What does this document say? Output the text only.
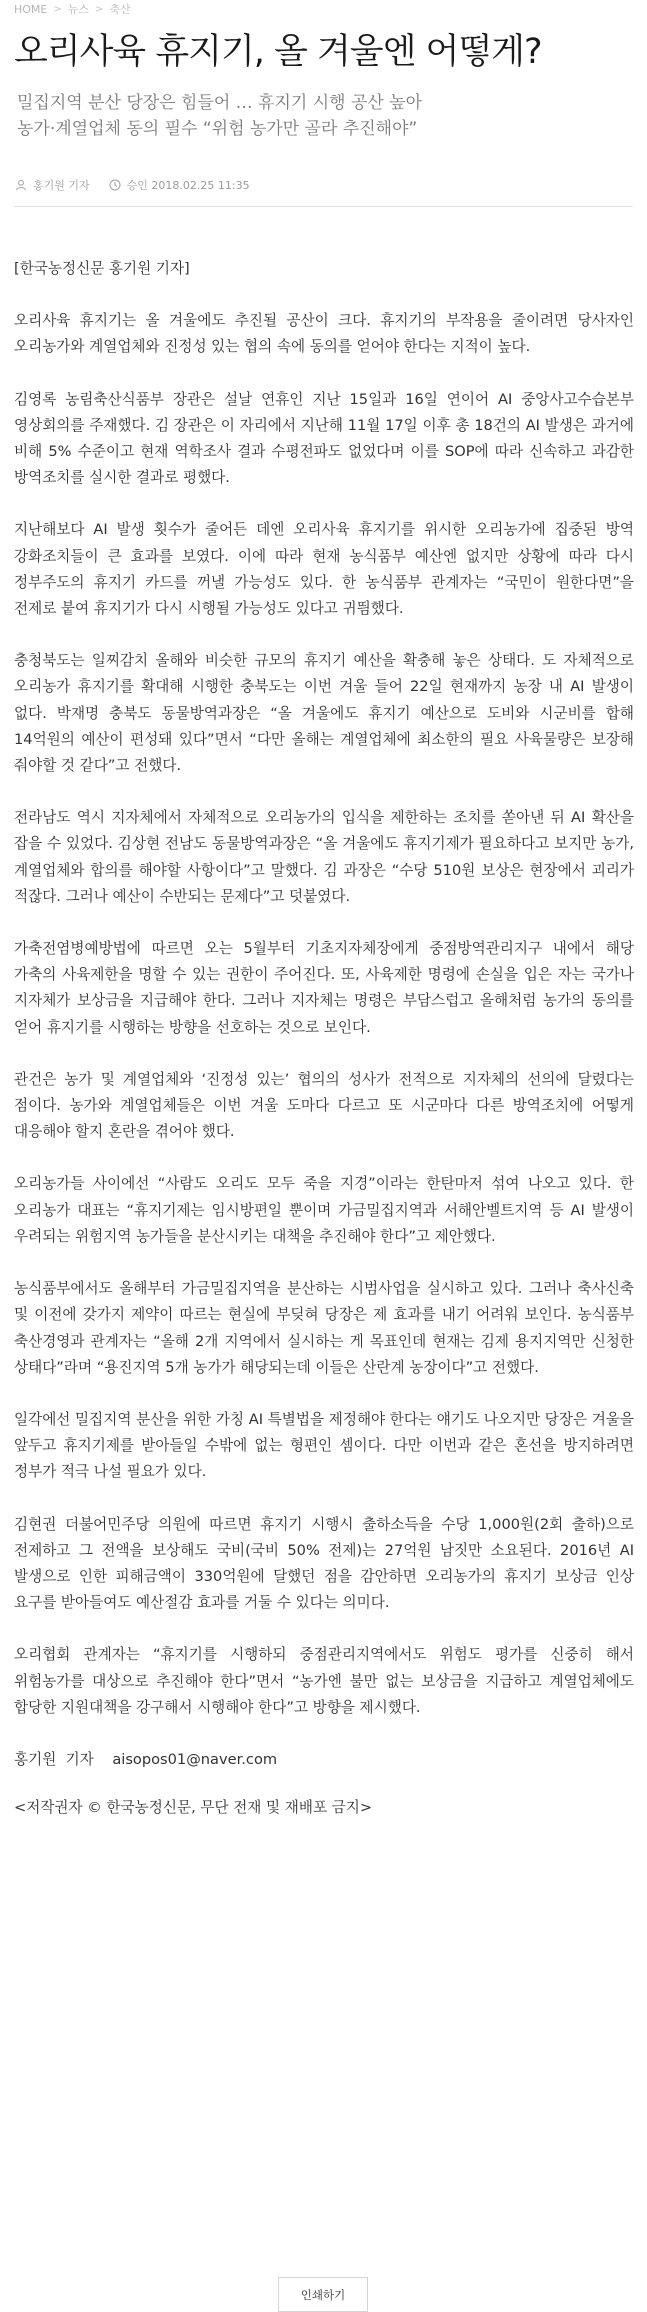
HOME > 뉴스 > 축산
오리사육 휴지기, 올 겨울엔 어떻게?
밀집지역 분산 당장은 힘들어 … 휴지기 시행 공산 높아
농가·계열업체 동의 필수 “위험 농가만 골라 추진해야”
홍기원 기자	승인 2018.02.25 11:35

[한국농정신문 홍기원 기자]

오리사육 휴지기는 올 겨울에도 추진될 공산이 크다. 휴지기의 부작용을 줄이려면 당사자인 오리농가와 계열업체와 진정성 있는 협의 속에 동의를 얻어야 한다는 지적이 높다.

김영록 농림축산식품부 장관은 설날 연휴인 지난 15일과 16일 연이어 AI 중앙사고수습본부 영상회의를 주재했다. 김 장관은 이 자리에서 지난해 11월 17일 이후 총 18건의 AI 발생은 과거에 비해 5% 수준이고 현재 역학조사 결과 수평전파도 없었다며 이를 SOP에 따라 신속하고 과감한 방역조치를 실시한 결과로 평했다.

지난해보다 AI 발생 횟수가 줄어든 데엔 오리사육 휴지기를 위시한 오리농가에 집중된 방역 강화조치들이 큰 효과를 보였다. 이에 따라 현재 농식품부 예산엔 없지만 상황에 따라 다시 정부주도의 휴지기 카드를 꺼낼 가능성도 있다. 한 농식품부 관계자는 “국민이 원한다면”을 전제로 붙여 휴지기가 다시 시행될 가능성도 있다고 귀띔했다.

충청북도는 일찌감치 올해와 비슷한 규모의 휴지기 예산을 확충해 놓은 상태다. 도 자체적으로 오리농가 휴지기를 확대해 시행한 충북도는 이번 겨울 들어 22일 현재까지 농장 내 AI 발생이 없다. 박재명 충북도 동물방역과장은 “올 겨울에도 휴지기 예산으로 도비와 시군비를 합해 14억원의 예산이 편성돼 있다”면서 “다만 올해는 계열업체에 최소한의 필요 사육물량은 보장해 줘야할 것 같다”고 전했다.

전라남도 역시 지자체에서 자체적으로 오리농가의 입식을 제한하는 조치를 쏟아낸 뒤 AI 확산을 잡을 수 있었다. 김상현 전남도 동물방역과장은 “올 겨울에도 휴지기제가 필요하다고 보지만 농가, 계열업체와 합의를 해야할 사항이다”고 말했다. 김 과장은 “수당 510원 보상은 현장에서 괴리가 적잖다. 그러나 예산이 수반되는 문제다”고 덧붙였다.

가축전염병예방법에 따르면 오는 5월부터 기초지자체장에게 중점방역관리지구 내에서 해당 가축의 사육제한을 명할 수 있는 권한이 주어진다. 또, 사육제한 명령에 손실을 입은 자는 국가나 지자체가 보상금을 지급해야 한다. 그러나 지자체는 명령은 부담스럽고 올해처럼 농가의 동의를 얻어 휴지기를 시행하는 방향을 선호하는 것으로 보인다.

관건은 농가 및 계열업체와 ‘진정성 있는’ 협의의 성사가 전적으로 지자체의 선의에 달렸다는 점이다. 농가와 계열업체들은 이번 겨울 도마다 다르고 또 시군마다 다른 방역조치에 어떻게 대응해야 할지 혼란을 겪어야 했다.

오리농가들 사이에선 “사람도 오리도 모두 죽을 지경”이라는 한탄마저 섞여 나오고 있다. 한 오리농가 대표는 “휴지기제는 임시방편일 뿐이며 가금밀집지역과 서해안벨트지역 등 AI 발생이 우려되는 위험지역 농가들을 분산시키는 대책을 추진해야 한다”고 제안했다.

농식품부에서도 올해부터 가금밀집지역을 분산하는 시범사업을 실시하고 있다. 그러나 축사신축 및 이전에 갖가지 제약이 따르는 현실에 부딪혀 당장은 제 효과를 내기 어려워 보인다. 농식품부 축산경영과 관계자는 “올해 2개 지역에서 실시하는 게 목표인데 현재는 김제 용지지역만 신청한 상태다”라며 “용진지역 5개 농가가 해당되는데 이들은 산란계 농장이다”고 전했다.

일각에선 밀집지역 분산을 위한 가칭 AI 특별법을 제정해야 한다는 얘기도 나오지만 당장은 겨울을 앞두고 휴지기제를 받아들일 수밖에 없는 형편인 셈이다. 다만 이번과 같은 혼선을 방지하려면 정부가 적극 나설 필요가 있다.

김현권 더불어민주당 의원에 따르면 휴지기 시행시 출하소득을 수당 1,000원(2회 출하)으로 전제하고 그 전액을 보상해도 국비(국비 50% 전제)는 27억원 남짓만 소요된다. 2016년 AI 발생으로 인한 피해금액이 330억원에 달했던 점을 감안하면 오리농가의 휴지기 보상금 인상 요구를 받아들여도 예산절감 효과를 거둘 수 있다는 의미다.

오리협회 관계자는 “휴지기를 시행하되 중점관리지역에서도 위험도 평가를 신중히 해서 위험농가를 대상으로 추진해야 한다”면서 “농가엔 불만 없는 보상금을 지급하고 계열업체에도 합당한 지원대책을 강구해서 시행해야 한다”고 방향을 제시했다.

홍기원  기자    aisopos01@naver.com

<저작권자 © 한국농정신문, 무단 전재 및 재배포 금지>

인쇄하기
